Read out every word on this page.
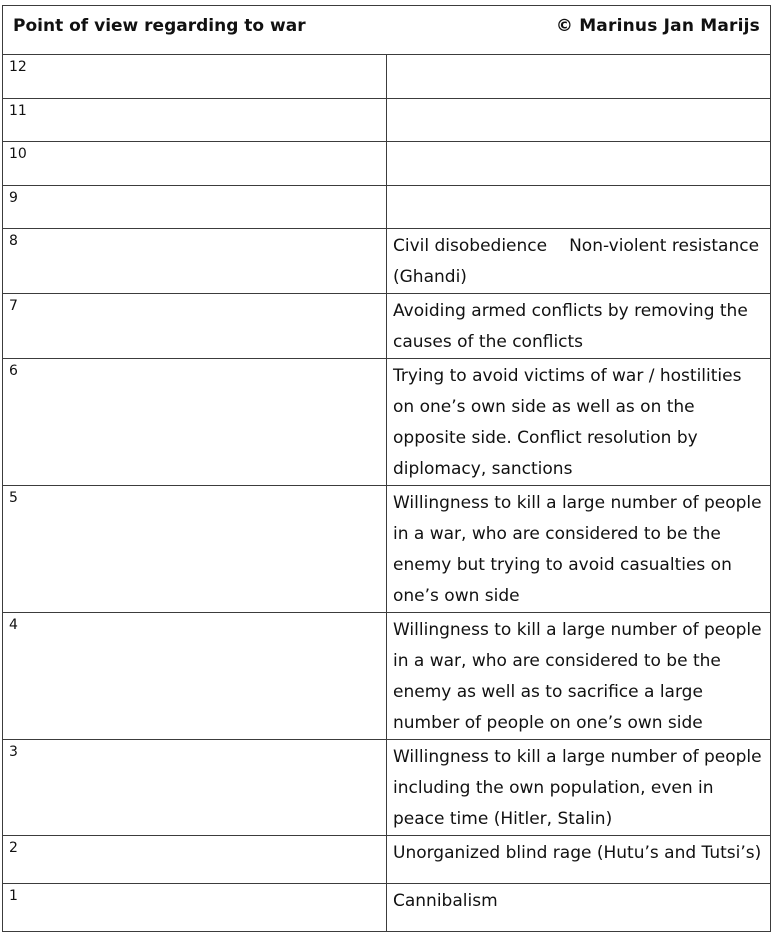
Point of view regarding to war © Marinus Jan Marijs	

12	
11	
10	
9	
8	Civil disobedience Non-violent resistance (Ghandi)
7	Avoiding armed conflicts by removing the causes of the conflicts
6	Trying to avoid victims of war / hostilities on one’s own side as well as on the opposite side. Conflict resolution by diplomacy, sanctions
5	Willingness to kill a large number of people in a war, who are considered to be the enemy but trying to avoid casualties on one’s own side
4	Willingness to kill a large number of people in a war, who are considered to be the enemy as well as to sacrifice a large number of people on one’s own side
3	Willingness to kill a large number of people including the own population, even in peace time (Hitler, Stalin)
2	Unorganized blind rage (Hutu’s and Tutsi’s)
1	Cannibalism
